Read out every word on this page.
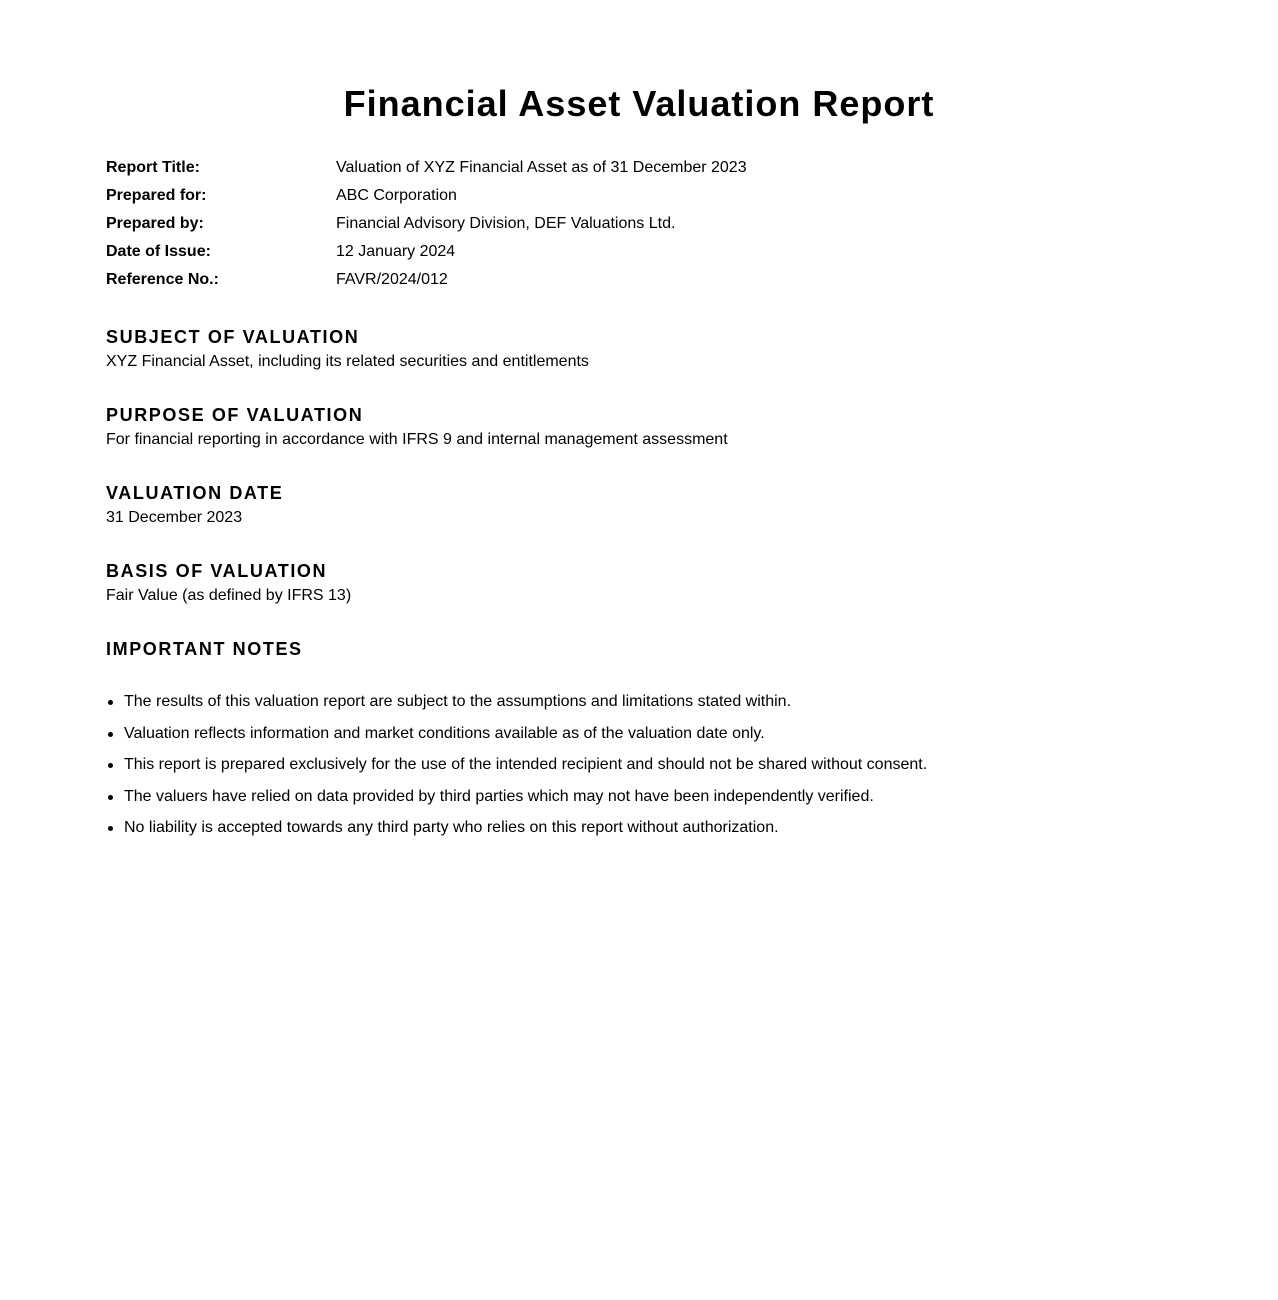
Financial Asset Valuation Report
Report Title:	Valuation of XYZ Financial Asset as of 31 December 2023
Prepared for:	ABC Corporation
Prepared by:	Financial Advisory Division, DEF Valuations Ltd.
Date of Issue:	12 January 2024
Reference No.:	FAVR/2024/012
SUBJECT OF VALUATION
XYZ Financial Asset, including its related securities and entitlements
PURPOSE OF VALUATION
For financial reporting in accordance with IFRS 9 and internal management assessment
VALUATION DATE
31 December 2023
BASIS OF VALUATION
Fair Value (as defined by IFRS 13)
IMPORTANT NOTES
The results of this valuation report are subject to the assumptions and limitations stated within.
Valuation reflects information and market conditions available as of the valuation date only.
This report is prepared exclusively for the use of the intended recipient and should not be shared without consent.
The valuers have relied on data provided by third parties which may not have been independently verified.
No liability is accepted towards any third party who relies on this report without authorization.
